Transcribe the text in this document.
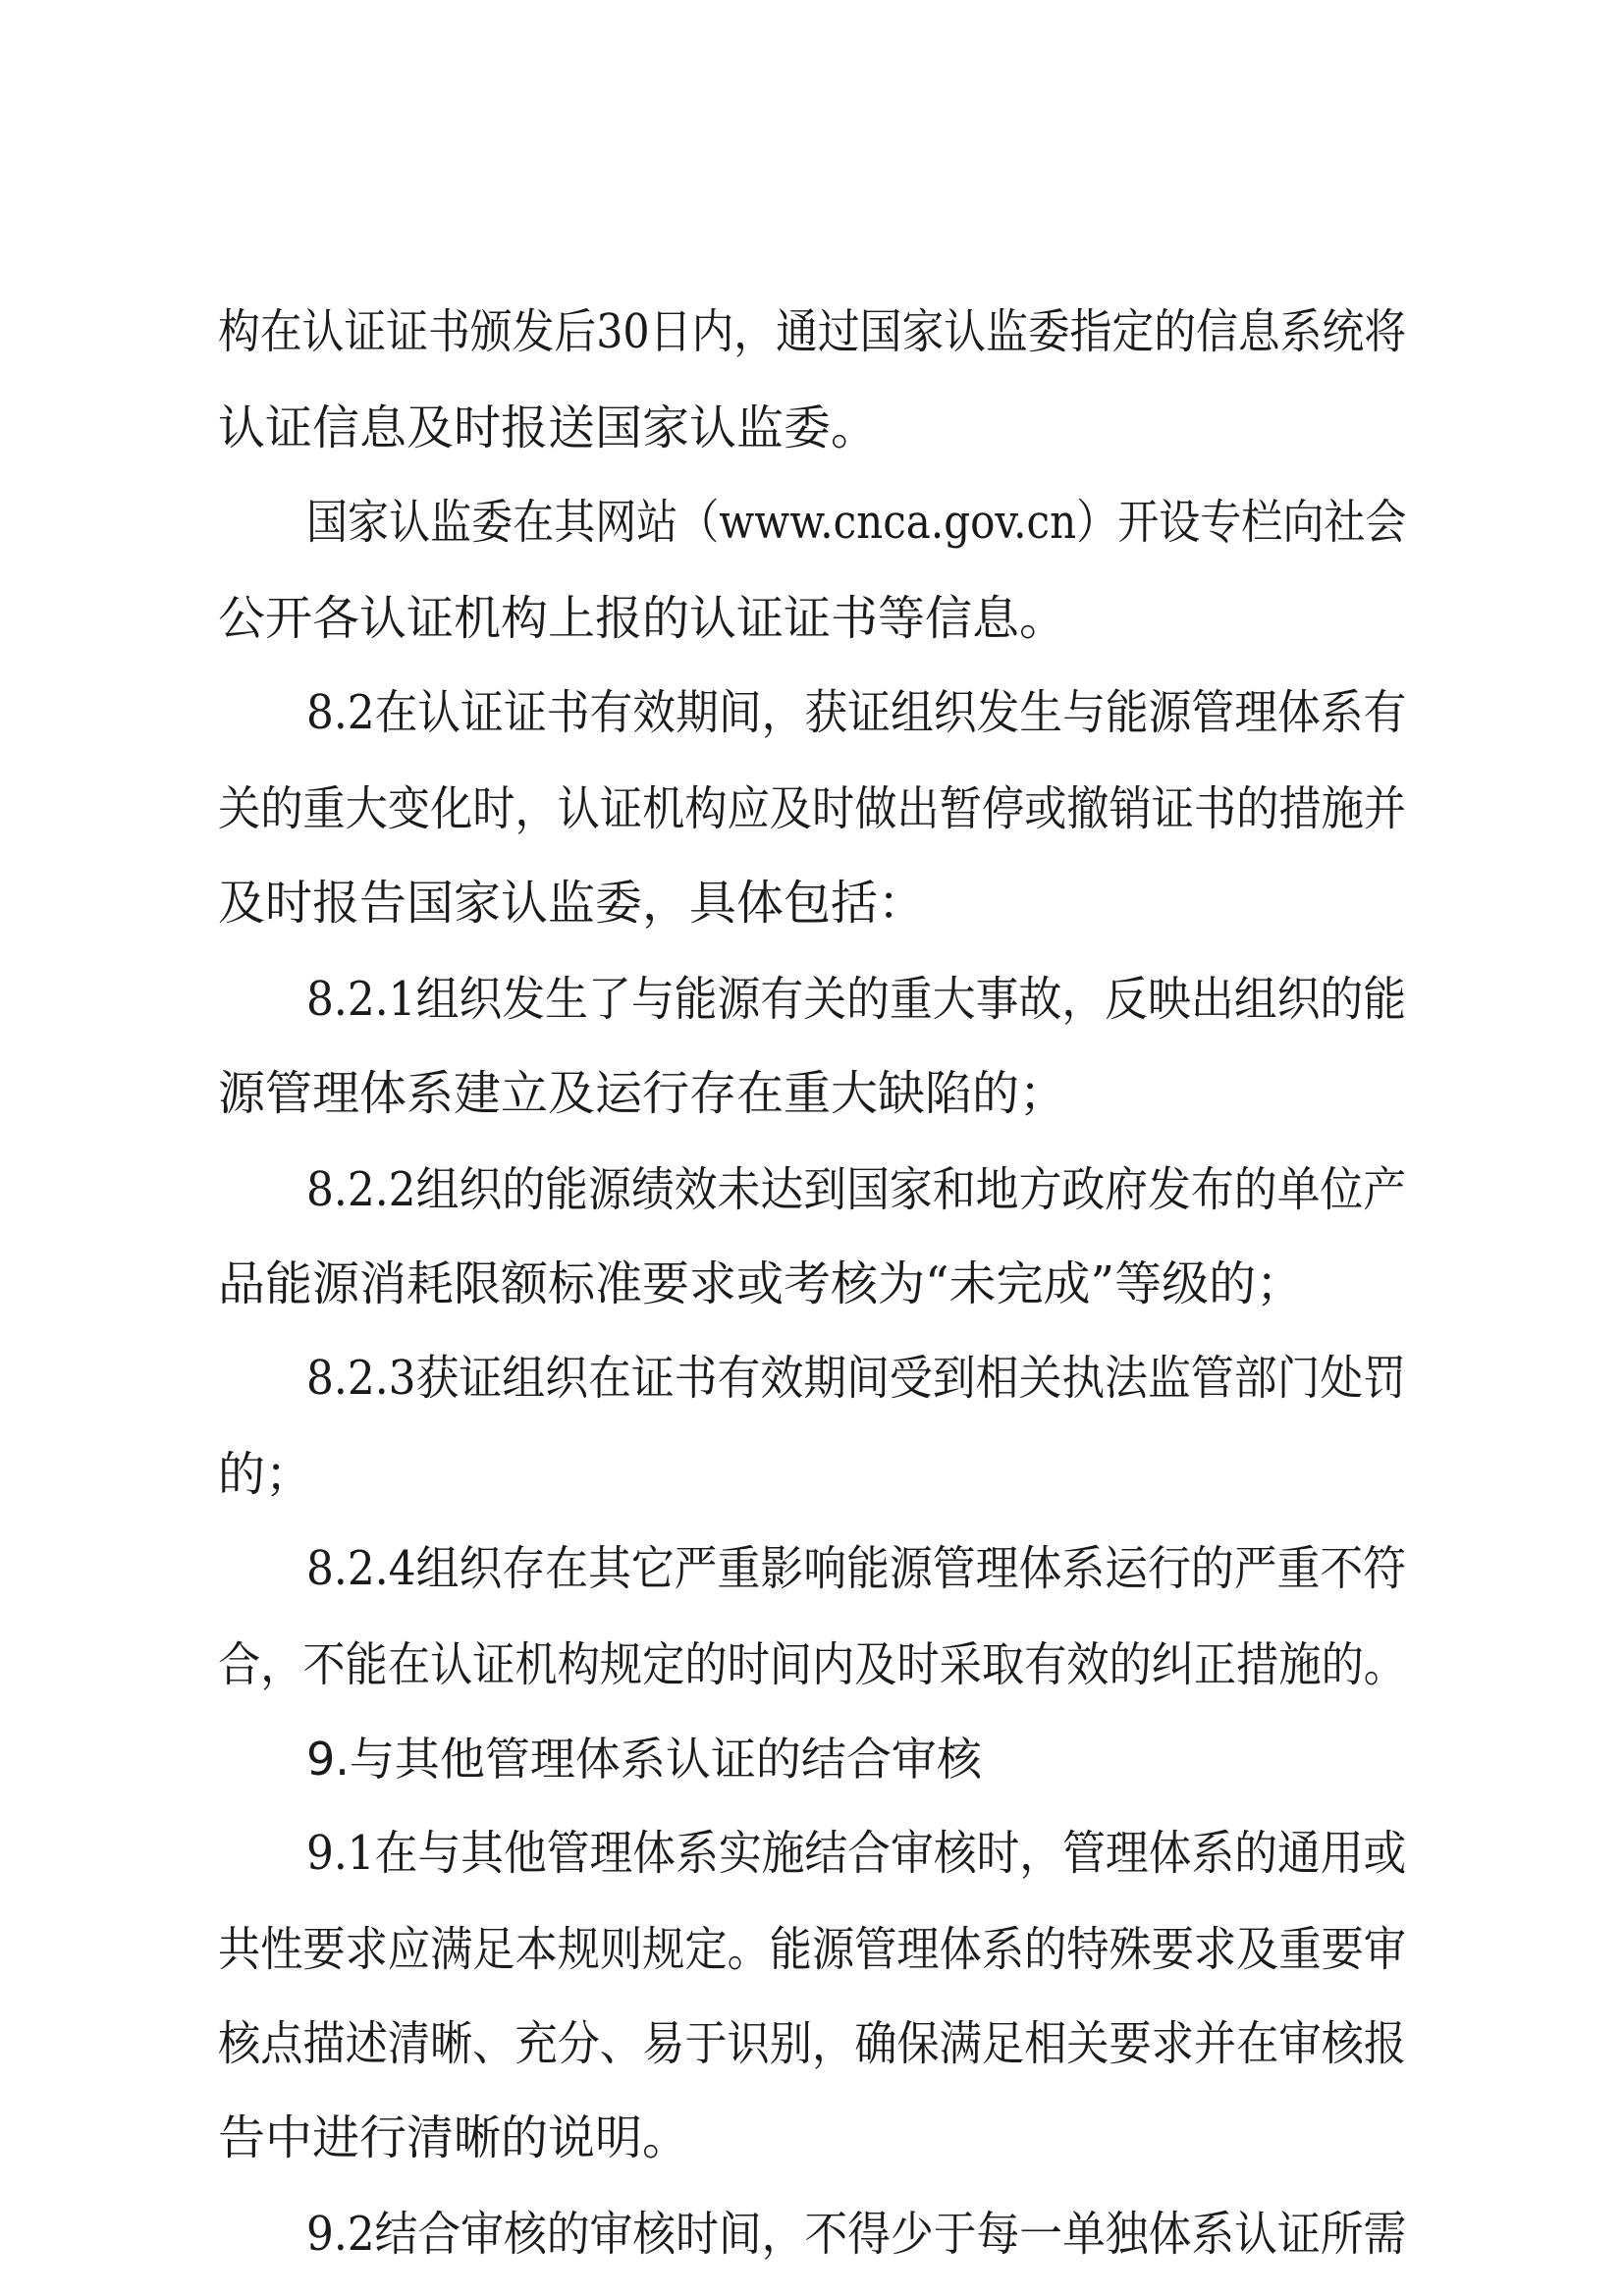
构在认证证书颁发后30日内，通过国家认监委指定的信息系统将
认证信息及时报送国家认监委。
国家认监委在其网站（www.cnca.gov.cn）开设专栏向社会
公开各认证机构上报的认证证书等信息。
8.2在认证证书有效期间，获证组织发生与能源管理体系有
关的重大变化时，认证机构应及时做出暂停或撤销证书的措施并
及时报告国家认监委，具体包括：
8.2.1组织发生了与能源有关的重大事故，反映出组织的能
源管理体系建立及运行存在重大缺陷的；
8.2.2组织的能源绩效未达到国家和地方政府发布的单位产
品能源消耗限额标准要求或考核为“未完成”等级的；
8.2.3获证组织在证书有效期间受到相关执法监管部门处罚
的；
8.2.4组织存在其它严重影响能源管理体系运行的严重不符
合，不能在认证机构规定的时间内及时采取有效的纠正措施的。
9.与其他管理体系认证的结合审核
9.1在与其他管理体系实施结合审核时，管理体系的通用或
共性要求应满足本规则规定。能源管理体系的特殊要求及重要审
核点描述清晰、充分、易于识别，确保满足相关要求并在审核报
告中进行清晰的说明。
9.2结合审核的审核时间，不得少于每一单独体系认证所需
